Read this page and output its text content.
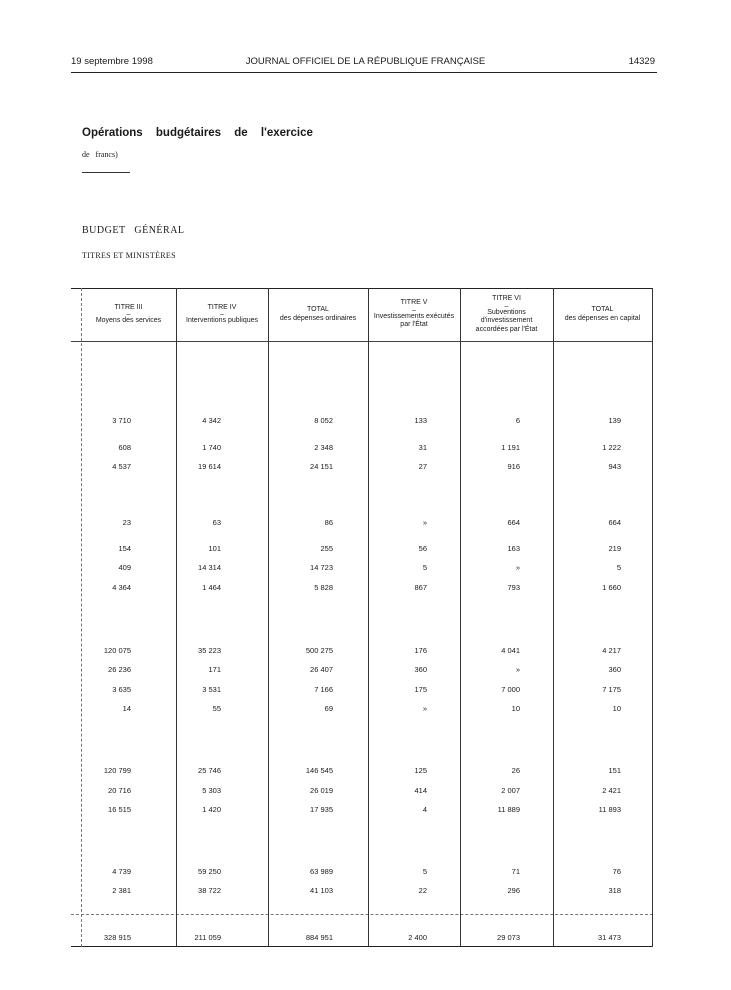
19 septembre 1998	JOURNAL OFFICIEL DE LA RÉPUBLIQUE FRANÇAISE	14329
Opérations budgétaires de l'exercice
de francs)
BUDGET GÉNÉRAL
TITRES ET MINISTÈRES
TITRE III
–
Moyens des services
TITRE IV
–
Interventions publiques
TOTAL
des dépenses ordinaires
TITRE V
–
Investissements exécutés par l'État
TITRE VI
–
Subventions d'investissement accordées par l'État
TOTAL
des dépenses en capital
3 710	4 342	8 052	133	6	139
608	1 740	2 348	31	1 191	1 222
4 537	19 614	24 151	27	916	943
23	63	86	»	664	664
154	101	255	56	163	219
409	14 314	14 723	5	»	5
4 364	1 464	5 828	867	793	1 660
120 075	35 223	500 275	176	4 041	4 217
26 236	171	26 407	360	»	360
3 635	3 531	7 166	175	7 000	7 175
14	55	69	»	10	10
120 799	25 746	146 545	125	26	151
20 716	5 303	26 019	414	2 007	2 421
16 515	1 420	17 935	4	11 889	11 893
4 739	59 250	63 989	5	71	76
2 381	38 722	41 103	22	296	318
328 915	211 059	884 951	2 400	29 073	31 473
